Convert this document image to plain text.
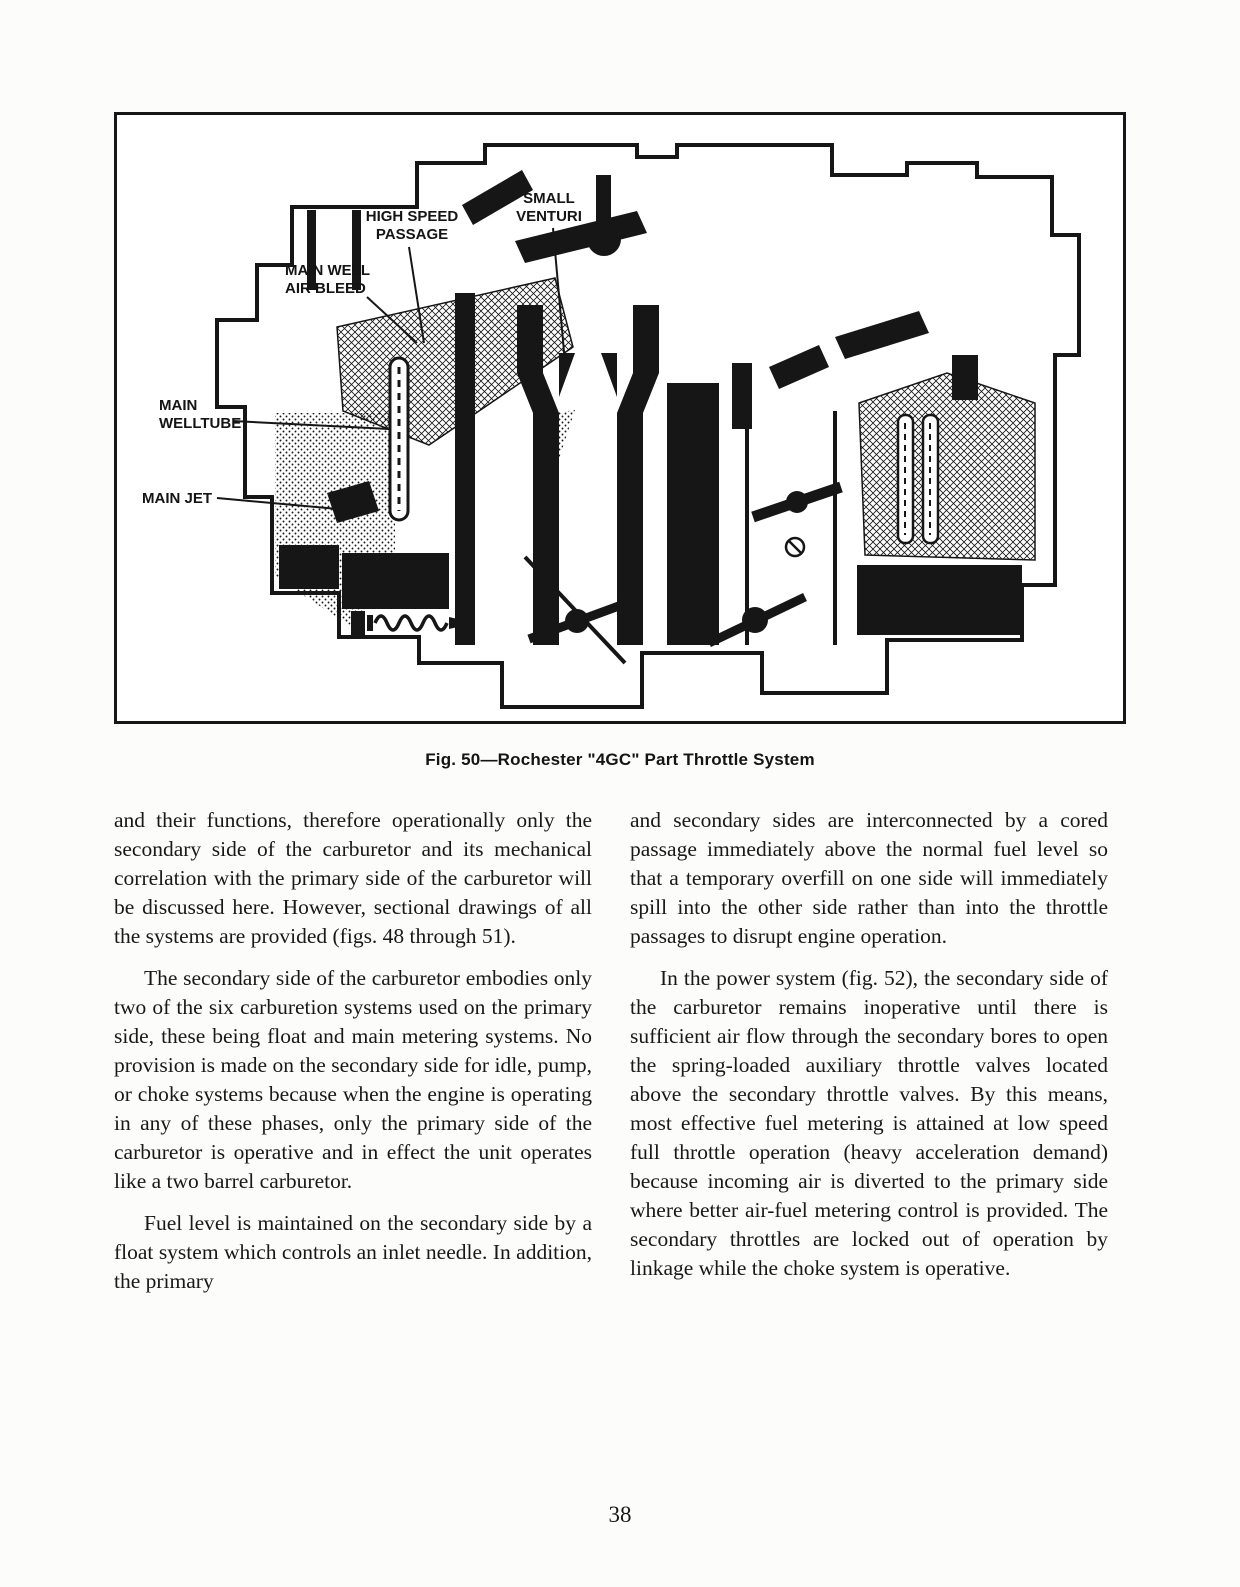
HIGH SPEED
PASSAGE
SMALL
VENTURI
MAIN WELL
AIR BLEED
MAIN
WELLTUBE
MAIN JET
Fig. 50—Rochester "4GC" Part Throttle System

and their functions, therefore operationally only the secondary side of the carburetor and its mechanical correlation with the primary side of the carburetor will be discussed here. However, sectional drawings of all the systems are provided (figs. 48 through 51).

The secondary side of the carburetor embodies only two of the six carburetion systems used on the primary side, these being float and main metering systems. No provision is made on the secondary side for idle, pump, or choke systems because when the engine is operating in any of these phases, only the primary side of the carburetor is operative and in effect the unit operates like a two barrel carburetor.

Fuel level is maintained on the secondary side by a float system which controls an inlet needle. In addition, the primary

and secondary sides are interconnected by a cored passage immediately above the normal fuel level so that a temporary overfill on one side will immediately spill into the other side rather than into the throttle passages to disrupt engine operation.

In the power system (fig. 52), the secondary side of the carburetor remains inoperative until there is sufficient air flow through the secondary bores to open the spring-loaded auxiliary throttle valves located above the secondary throttle valves. By this means, most effective fuel metering is attained at low speed full throttle operation (heavy acceleration demand) because incoming air is diverted to the primary side where better air-fuel metering control is provided. The secondary throttles are locked out of operation by linkage while the choke system is operative.

38
